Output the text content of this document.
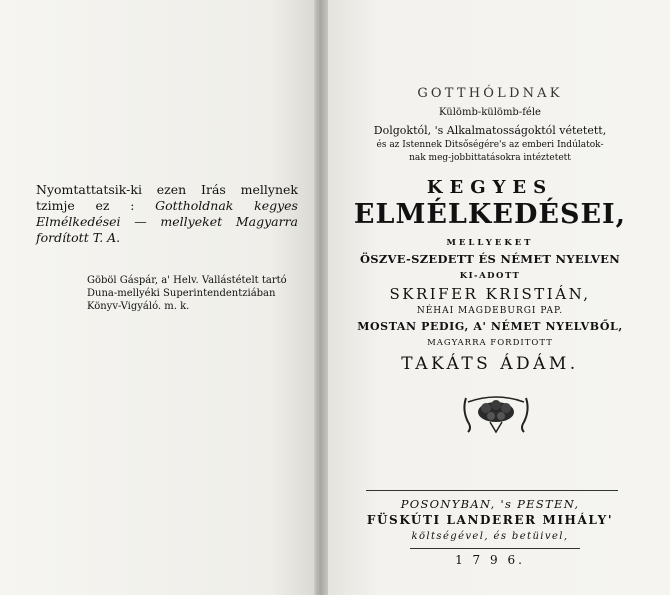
Nyomtattatsik-ki ezen Irás mellynek tzimje ez : Gottholdnak kegyes Elmélkedései — mellyeket Magyarra fordított T. A.
Göböl Gáspár, a' Helv. Vallástételt tartó Duna-mellyéki Superintendentziában Könyv-Vigyáló. m. k.
GOTTHÓLDNAK
Külömb-külömb-féle
Dolgoktól, 's Alkalmatosságoktól vétetett,
és az Istennek Ditsőségére's az emberi Indúlatok-
nak meg-jobbittatásokra intéztetett
KEGYES
ELMÉLKEDÉSEI,
MELLYEKET
ÖSZVE-SZEDETT ÉS NÉMET NYELVEN
KI-ADOTT
SKRIFER KRISTIÁN,
NÉHAI MAGDEBURGI PAP.
MOSTAN PEDIG, A' NÉMET NYELVBŐL,
MAGYARRA FORDITOTT
TAKÁTS ÁDÁM.
POSONYBAN, 's PESTEN,
FÜSKÚTI LANDERER MIHÁLY'
költségével, és betüivel,
1 7 9 6.
